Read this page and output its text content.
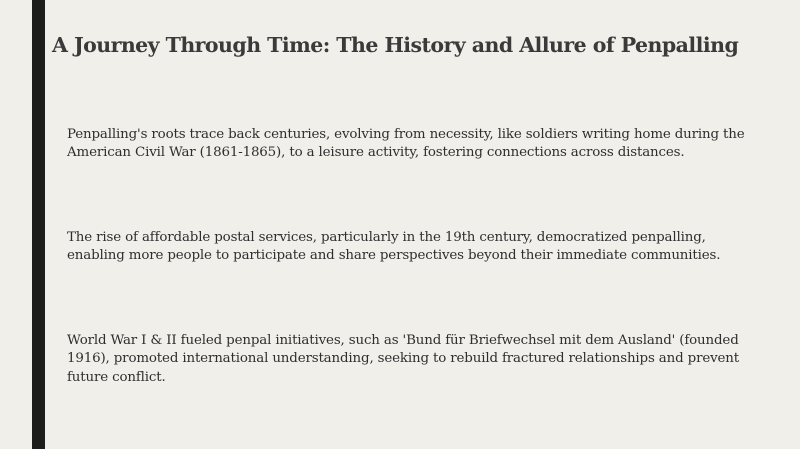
A Journey Through Time: The History and Allure of Penpalling

Penpalling's roots trace back centuries, evolving from necessity, like soldiers writing home during the American Civil War (1861-1865), to a leisure activity, fostering connections across distances.

The rise of affordable postal services, particularly in the 19th century, democratized penpalling, enabling more people to participate and share perspectives beyond their immediate communities.

World War I & II fueled penpal initiatives, such as 'Bund für Briefwechsel mit dem Ausland' (founded 1916), promoted international understanding, seeking to rebuild fractured relationships and prevent future conflict.
